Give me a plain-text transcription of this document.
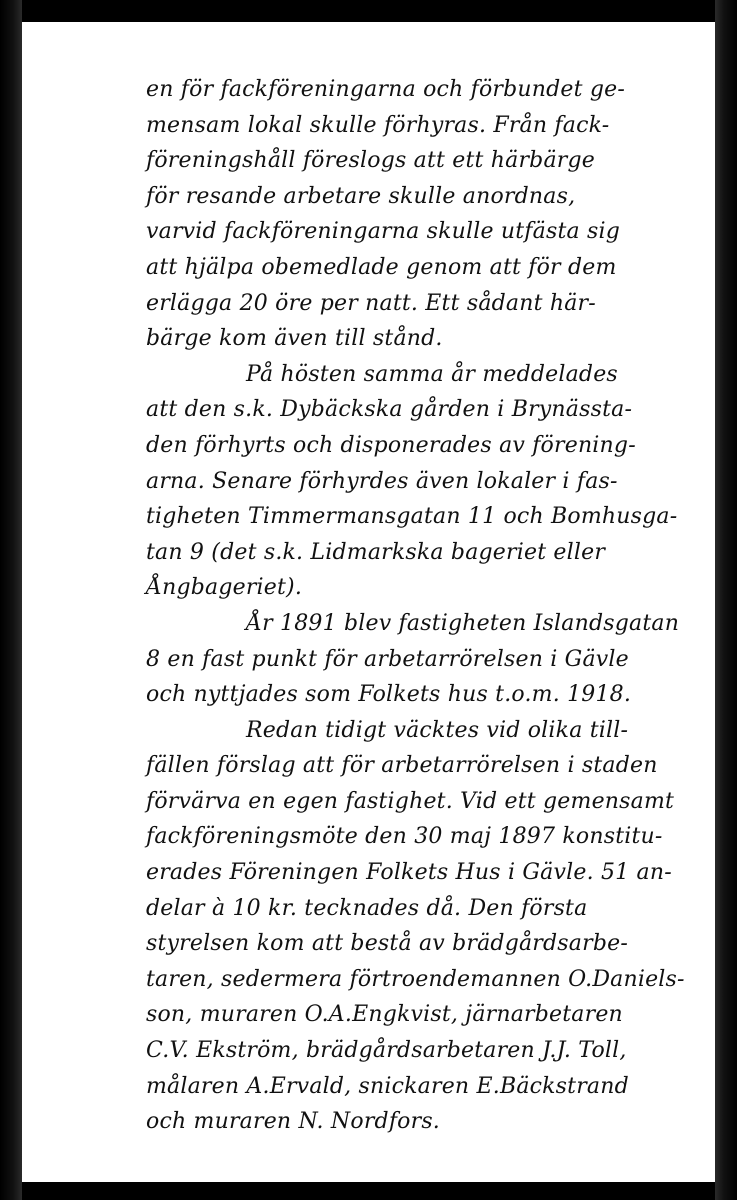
en för fackföreningarna och förbundet ge-
mensam lokal skulle förhyras. Från fack-
föreningshåll föreslogs att ett härbärge
för resande arbetare skulle anordnas,
varvid fackföreningarna skulle utfästa sig
att hjälpa obemedlade genom att för dem
erlägga 20 öre per natt. Ett sådant här-
bärge kom även till stånd.
På hösten samma år meddelades
att den s.k. Dybäckska gården i Brynässta-
den förhyrts och disponerades av förening-
arna. Senare förhyrdes även lokaler i fas-
tigheten Timmermansgatan 11 och Bomhusga-
tan 9 (det s.k. Lidmarkska bageriet eller
Ångbageriet).
År 1891 blev fastigheten Islandsgatan
8 en fast punkt för arbetarrörelsen i Gävle
och nyttjades som Folkets hus t.o.m. 1918.
Redan tidigt väcktes vid olika till-
fällen förslag att för arbetarrörelsen i staden
förvärva en egen fastighet. Vid ett gemensamt
fackföreningsmöte den 30 maj 1897 konstitu-
erades Föreningen Folkets Hus i Gävle. 51 an-
delar à 10 kr. tecknades då. Den första
styrelsen kom att bestå av brädgårdsarbe-
taren, sedermera förtroendemannen O.Daniels-
son, muraren O.A.Engkvist, järnarbetaren
C.V. Ekström, brädgårdsarbetaren J.J. Toll,
målaren A.Ervald, snickaren E.Bäckstrand
och muraren N. Nordfors.
